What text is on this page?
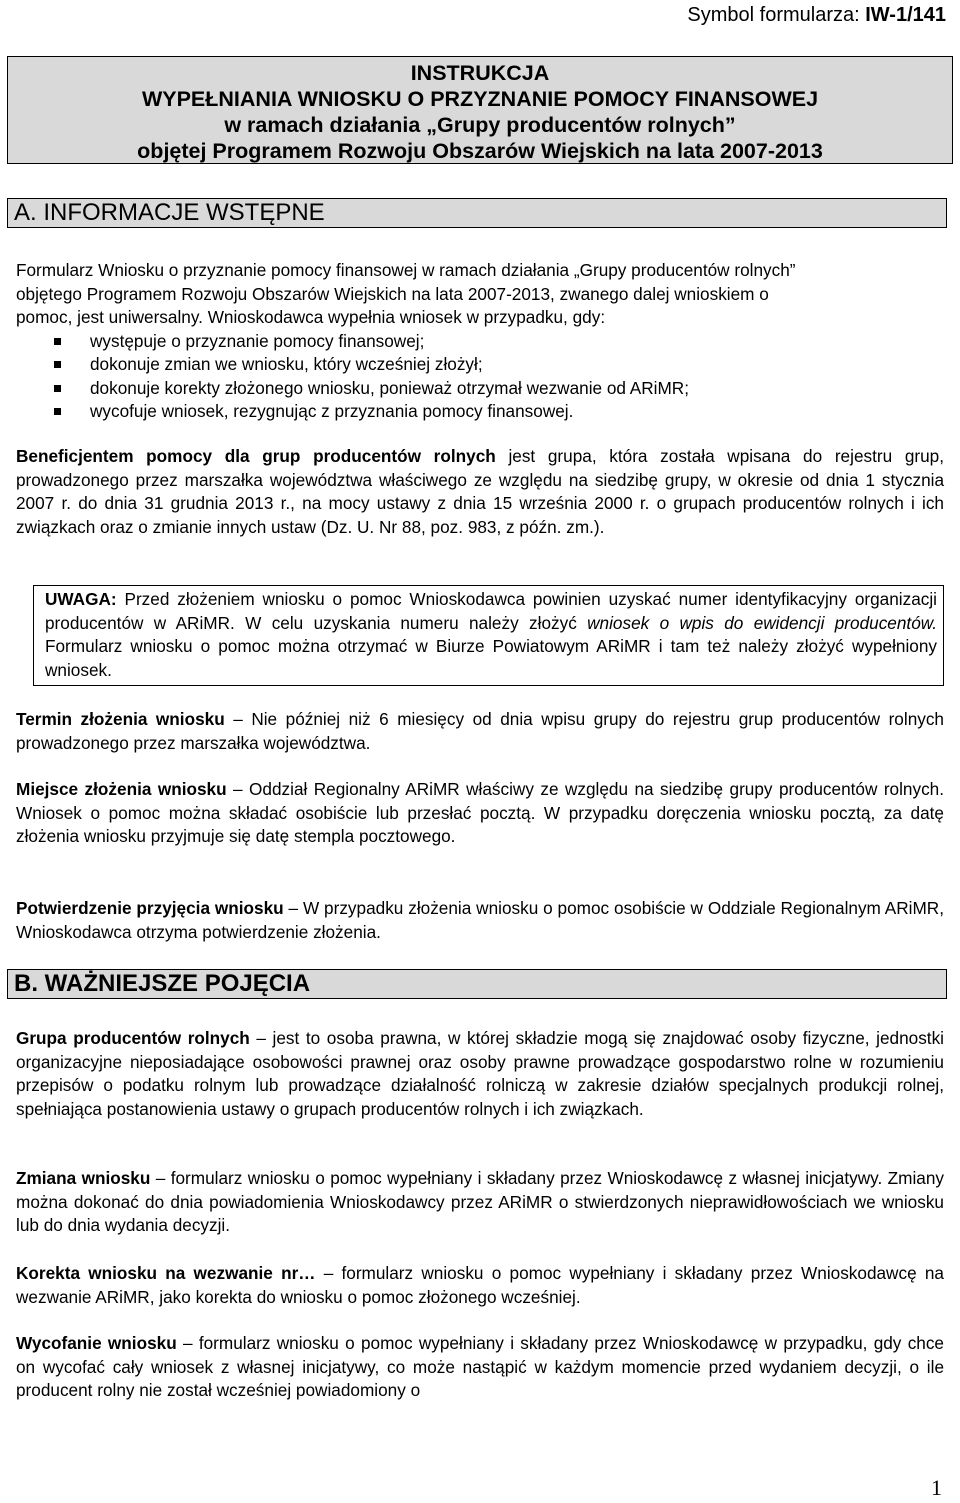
Symbol formularza: IW-1/141
INSTRUKCJA
WYPEŁNIANIA WNIOSKU O PRZYZNANIE POMOCY FINANSOWEJ
w ramach działania „Grupy producentów rolnych”
objętej Programem Rozwoju Obszarów Wiejskich na lata 2007-2013
A. INFORMACJE WSTĘPNE

Formularz Wniosku o przyznanie pomocy finansowej w ramach działania „Grupy producentów rolnych”

objętego Programem Rozwoju Obszarów Wiejskich na lata 2007-2013, zwanego dalej wnioskiem o

pomoc, jest uniwersalny. Wnioskodawca wypełnia wniosek w przypadku, gdy:

występuje o przyznanie pomocy finansowej;
dokonuje zmian we wniosku, który wcześniej złożył;
dokonuje korekty złożonego wniosku, ponieważ otrzymał wezwanie od ARiMR;
wycofuje wniosek, rezygnując z przyznania pomocy finansowej.

Beneficjentem pomocy dla grup producentów rolnych jest grupa, która została wpisana do rejestru grup, prowadzonego przez marszałka województwa właściwego ze względu na siedzibę grupy, w okresie od dnia 1 stycznia 2007 r. do dnia 31 grudnia 2013 r., na mocy ustawy z dnia 15 września 2000 r. o grupach producentów rolnych i ich związkach oraz o zmianie innych ustaw (Dz. U. Nr 88, poz. 983, z późn. zm.).

UWAGA: Przed złożeniem wniosku o pomoc Wnioskodawca powinien uzyskać numer identyfikacyjny organizacji producentów w ARiMR. W celu uzyskania numeru należy złożyć wniosek o wpis do ewidencji producentów. Formularz wniosku o pomoc można otrzymać w Biurze Powiatowym ARiMR i tam też należy złożyć wypełniony wniosek.

Termin złożenia wniosku – Nie później niż 6 miesięcy od dnia wpisu grupy do rejestru grup producentów rolnych prowadzonego przez marszałka województwa.

Miejsce złożenia wniosku – Oddział Regionalny ARiMR właściwy ze względu na siedzibę grupy producentów rolnych. Wniosek o pomoc można składać osobiście lub przesłać pocztą. W przypadku doręczenia wniosku pocztą, za datę złożenia wniosku przyjmuje się datę stempla pocztowego.

Potwierdzenie przyjęcia wniosku – W przypadku złożenia wniosku o pomoc osobiście w Oddziale Regionalnym ARiMR, Wnioskodawca otrzyma potwierdzenie złożenia.

B. WAŻNIEJSZE POJĘCIA

Grupa producentów rolnych – jest to osoba prawna, w której składzie mogą się znajdować osoby fizyczne, jednostki organizacyjne nieposiadające osobowości prawnej oraz osoby prawne prowadzące gospodarstwo rolne w rozumieniu przepisów o podatku rolnym lub prowadzące działalność rolniczą w zakresie działów specjalnych produkcji rolnej, spełniająca postanowienia ustawy o grupach producentów rolnych i ich związkach.

Zmiana wniosku – formularz wniosku o pomoc wypełniany i składany przez Wnioskodawcę z własnej inicjatywy. Zmiany można dokonać do dnia powiadomienia Wnioskodawcy przez ARiMR o stwierdzonych nieprawidłowościach we wniosku lub do dnia wydania decyzji.

Korekta wniosku na wezwanie nr… – formularz wniosku o pomoc wypełniany i składany przez Wnioskodawcę na wezwanie ARiMR, jako korekta do wniosku o pomoc złożonego wcześniej.

Wycofanie wniosku – formularz wniosku o pomoc wypełniany i składany przez Wnioskodawcę w przypadku, gdy chce on wycofać cały wniosek z własnej inicjatywy, co może nastąpić w każdym momencie przed wydaniem decyzji, o ile producent rolny nie został wcześniej powiadomiony o

1
